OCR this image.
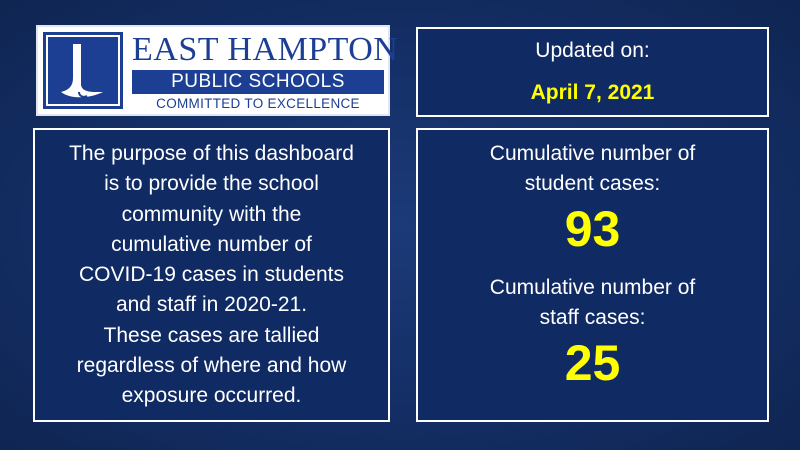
EAST HAMPTON
PUBLIC SCHOOLS
COMMITTED TO EXCELLENCE
Updated on:
April 7, 2021

The purpose of this dashboard
is to provide the school
community with the
cumulative number of
COVID-19 cases in students
and staff in 2020-21.
These cases are tallied
regardless of where and how
exposure occurred.

Cumulative number of
student cases:
93
Cumulative number of
staff cases:
25
